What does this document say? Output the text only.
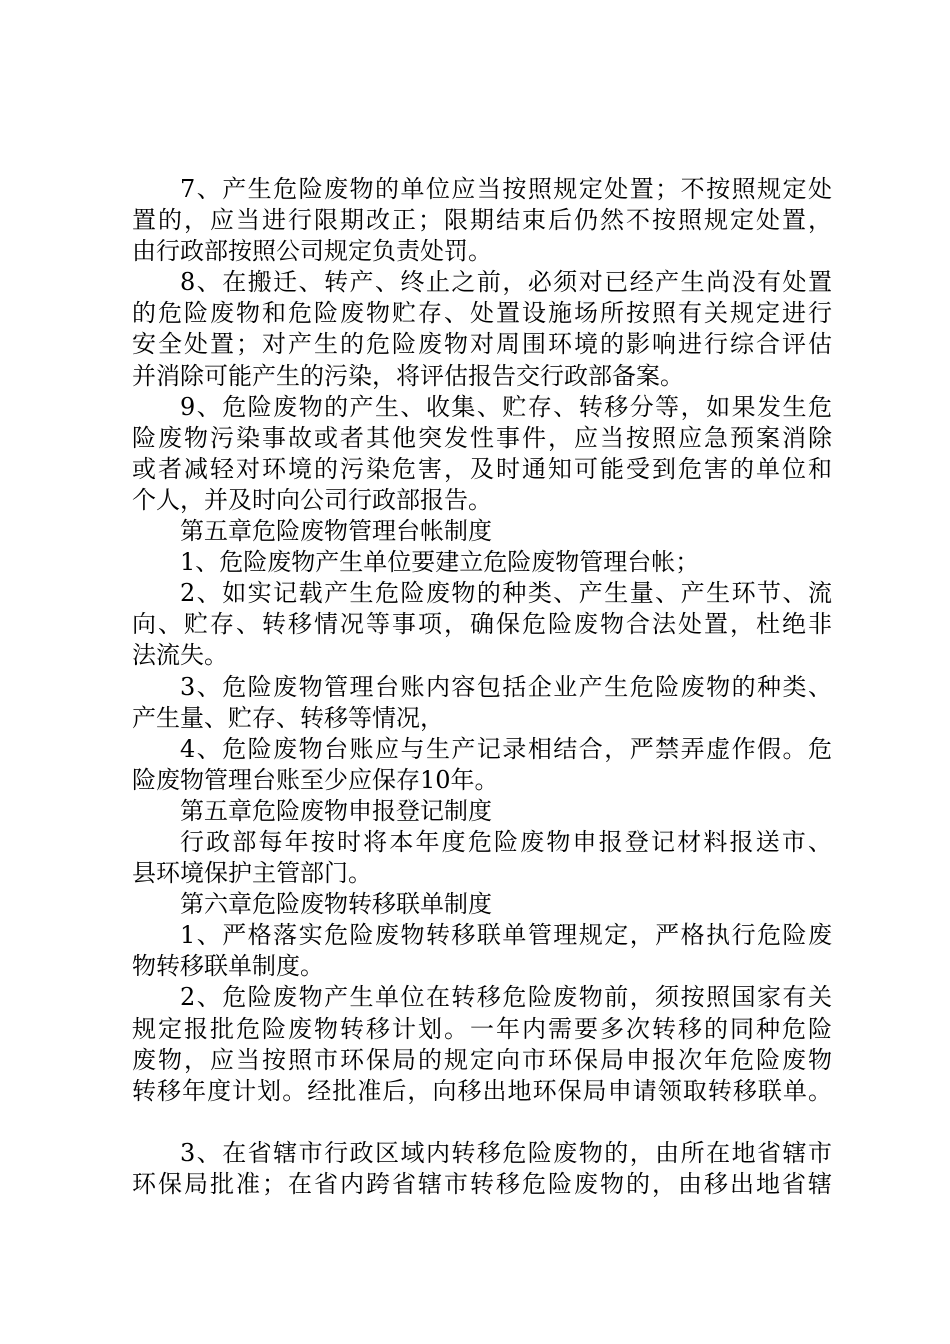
7、产生危险废物的单位应当按照规定处置；不按照规定处
置的，应当进行限期改正；限期结束后仍然不按照规定处置，
由行政部按照公司规定负责处罚。
8、在搬迁、转产、终止之前，必须对已经产生尚没有处置
的危险废物和危险废物贮存、处置设施场所按照有关规定进行
安全处置；对产生的危险废物对周围环境的影响进行综合评估
并消除可能产生的污染，将评估报告交行政部备案。
9、危险废物的产生、收集、贮存、转移分等，如果发生危
险废物污染事故或者其他突发性事件，应当按照应急预案消除
或者减轻对环境的污染危害，及时通知可能受到危害的单位和
个人，并及时向公司行政部报告。
第五章危险废物管理台帐制度
1、危险废物产生单位要建立危险废物管理台帐；
2、如实记载产生危险废物的种类、产生量、产生环节、流
向、贮存、转移情况等事项，确保危险废物合法处置，杜绝非
法流失。
3、危险废物管理台账内容包括企业产生危险废物的种类、
产生量、贮存、转移等情况，
4、危险废物台账应与生产记录相结合，严禁弄虚作假。危
险废物管理台账至少应保存10年。
第五章危险废物申报登记制度
行政部每年按时将本年度危险废物申报登记材料报送市、
县环境保护主管部门。
第六章危险废物转移联单制度
1、严格落实危险废物转移联单管理规定，严格执行危险废
物转移联单制度。
2、危险废物产生单位在转移危险废物前，须按照国家有关
规定报批危险废物转移计划。一年内需要多次转移的同种危险
废物，应当按照市环保局的规定向市环保局申报次年危险废物
转移年度计划。经批准后，向移出地环保局申请领取转移联单。
3、在省辖市行政区域内转移危险废物的，由所在地省辖市
环保局批准；在省内跨省辖市转移危险废物的，由移出地省辖
